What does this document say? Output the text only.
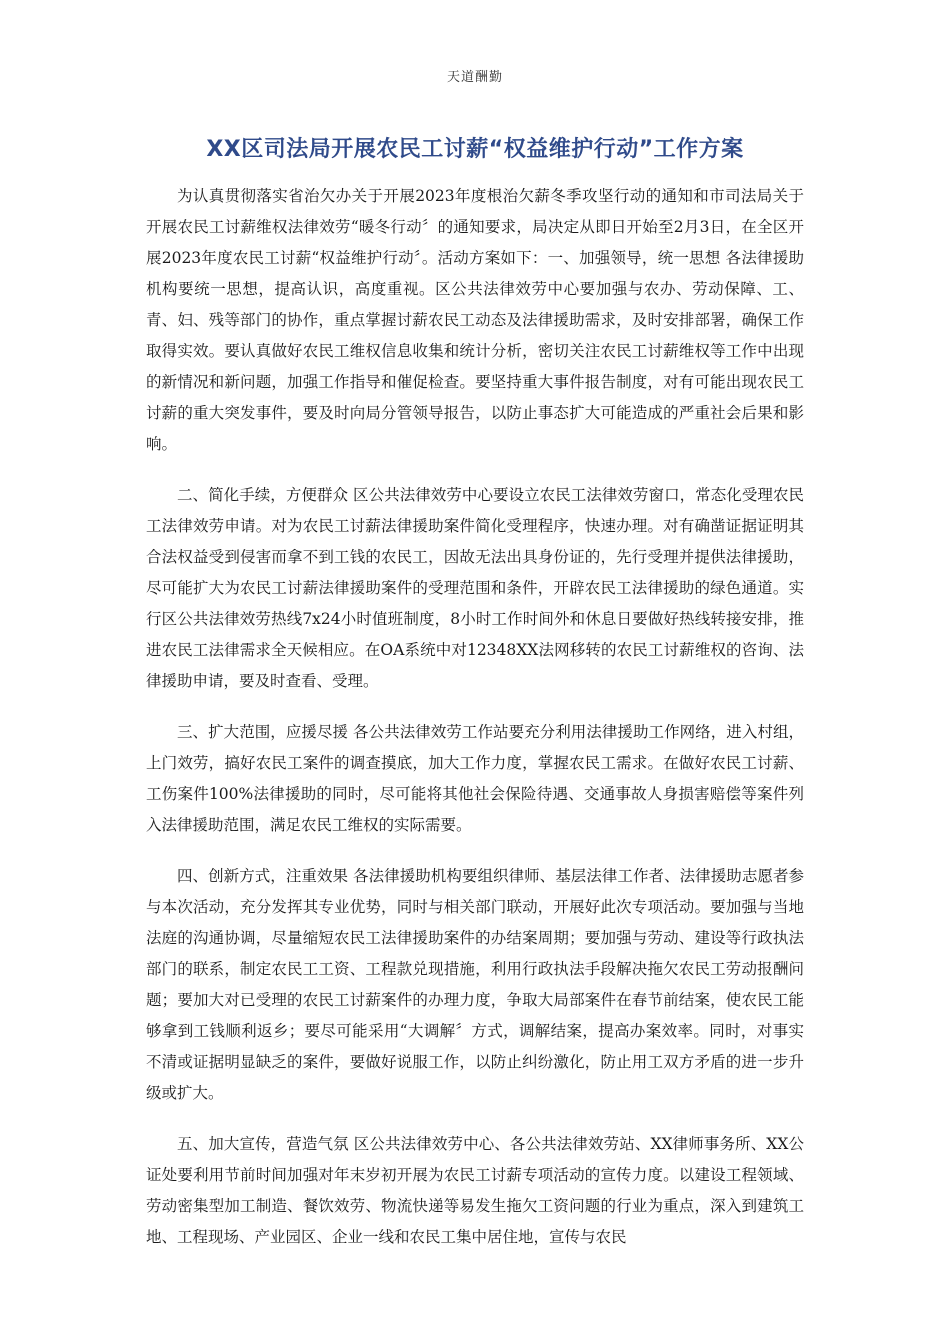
天道酬勤
XX区司法局开展农民工讨薪“权益维护行动”工作方案

为认真贯彻落实省治欠办关于开展2023年度根治欠薪冬季攻坚行动的通知和市司法局关于开展农民工讨薪维权法律效劳“暖冬行动〞的通知要求，局决定从即日开始至2月3日，在全区开展2023年度农民工讨薪“权益维护行动〞。活动方案如下：一、加强领导，统一思想 各法律援助机构要统一思想，提高认识，高度重视。区公共法律效劳中心要加强与农办、劳动保障、工、青、妇、残等部门的协作，重点掌握讨薪农民工动态及法律援助需求，及时安排部署，确保工作取得实效。要认真做好农民工维权信息收集和统计分析，密切关注农民工讨薪维权等工作中出现的新情况和新问题，加强工作指导和催促检查。要坚持重大事件报告制度，对有可能出现农民工讨薪的重大突发事件，要及时向局分管领导报告，以防止事态扩大可能造成的严重社会后果和影响。

二、简化手续，方便群众 区公共法律效劳中心要设立农民工法律效劳窗口，常态化受理农民工法律效劳申请。对为农民工讨薪法律援助案件简化受理程序，快速办理。对有确凿证据证明其合法权益受到侵害而拿不到工钱的农民工，因故无法出具身份证的，先行受理并提供法律援助，尽可能扩大为农民工讨薪法律援助案件的受理范围和条件，开辟农民工法律援助的绿色通道。实行区公共法律效劳热线7x24小时值班制度，8小时工作时间外和休息日要做好热线转接安排，推进农民工法律需求全天候相应。在OA系统中对12348XX法网移转的农民工讨薪维权的咨询、法律援助申请，要及时查看、受理。

三、扩大范围，应援尽援 各公共法律效劳工作站要充分利用法律援助工作网络，进入村组，上门效劳，搞好农民工案件的调查摸底，加大工作力度，掌握农民工需求。在做好农民工讨薪、工伤案件100%法律援助的同时，尽可能将其他社会保险待遇、交通事故人身损害赔偿等案件列入法律援助范围，满足农民工维权的实际需要。

四、创新方式，注重效果 各法律援助机构要组织律师、基层法律工作者、法律援助志愿者参与本次活动，充分发挥其专业优势，同时与相关部门联动，开展好此次专项活动。要加强与当地法庭的沟通协调，尽量缩短农民工法律援助案件的办结案周期；要加强与劳动、建设等行政执法部门的联系，制定农民工工资、工程款兑现措施，利用行政执法手段解决拖欠农民工劳动报酬问题；要加大对已受理的农民工讨薪案件的办理力度，争取大局部案件在春节前结案，使农民工能够拿到工钱顺利返乡；要尽可能采用“大调解〞方式，调解结案，提高办案效率。同时，对事实不清或证据明显缺乏的案件，要做好说服工作，以防止纠纷激化，防止用工双方矛盾的进一步升级或扩大。

五、加大宣传，营造气氛 区公共法律效劳中心、各公共法律效劳站、XX律师事务所、XX公证处要利用节前时间加强对年末岁初开展为农民工讨薪专项活动的宣传力度。以建设工程领域、劳动密集型加工制造、餐饮效劳、物流快递等易发生拖欠工资问题的行业为重点，深入到建筑工地、工程现场、产业园区、企业一线和农民工集中居住地，宣传与农民
